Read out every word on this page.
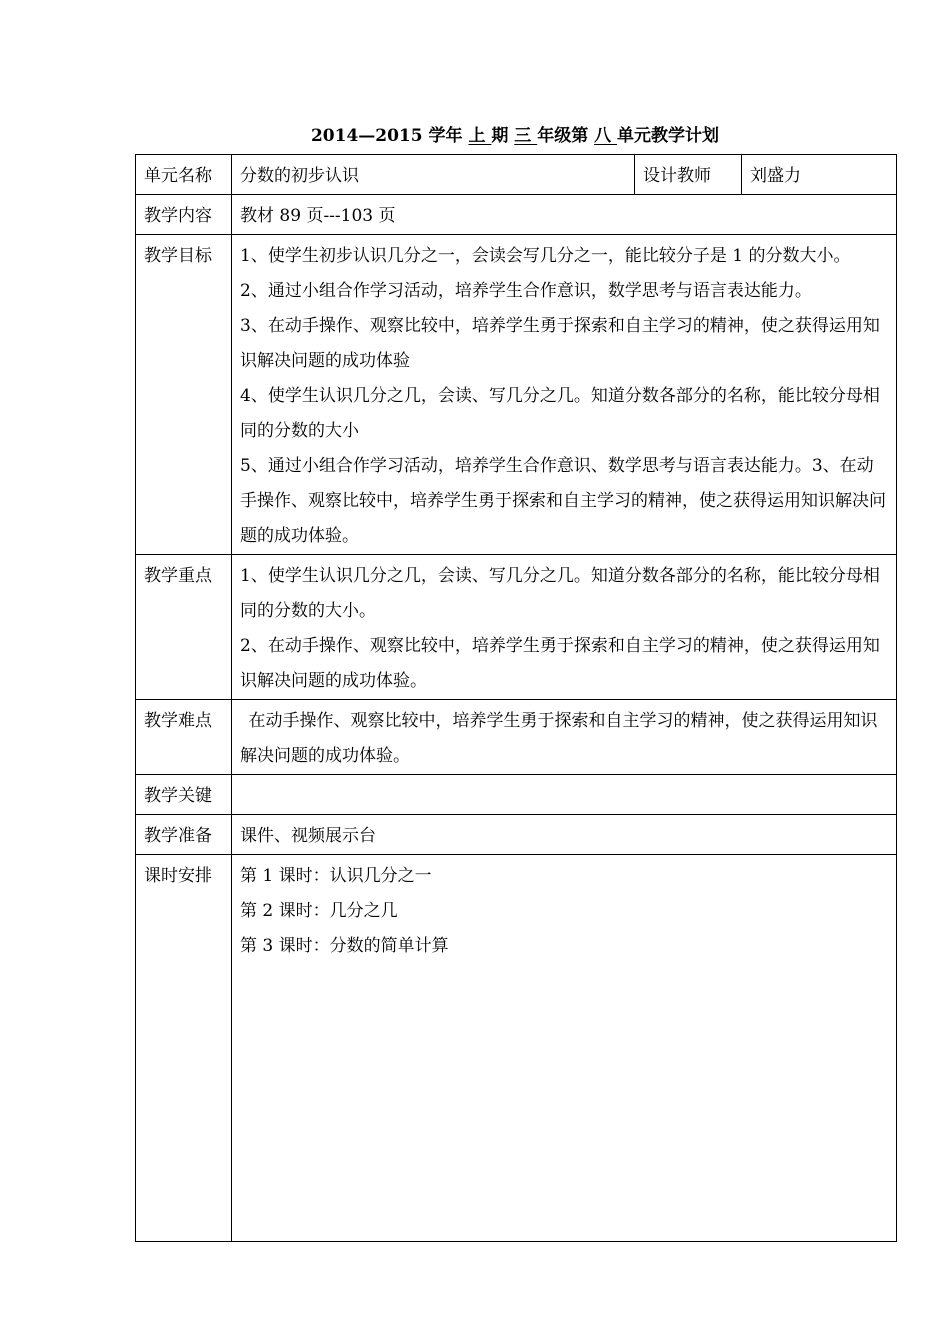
2014—2015 学年 上 期 三 年级第 八 单元教学计划
单元名称	分数的初步认识	设计教师	刘盛力
教学内容	教材 89 页---103 页		
教学目标	1、使学生初步认识几分之一，会读会写几分之一，能比较分子是 1 的分数大小。

2、通过小组合作学习活动，培养学生合作意识，数学思考与语言表达能力。

3、在动手操作、观察比较中，培养学生勇于探索和自主学习的精神，使之获得运用知识解决问题的成功体验

4、使学生认识几分之几，会读、写几分之几。知道分数各部分的名称，能比较分母相同的分数的大小

5、通过小组合作学习活动，培养学生合作意识、数学思考与语言表达能力。3、在动手操作、观察比较中，培养学生勇于探索和自主学习的精神，使之获得运用知识解决问题的成功体验。		

教学重点	1、使学生认识几分之几，会读、写几分之几。知道分数各部分的名称，能比较分母相同的分数的大小。

2、在动手操作、观察比较中，培养学生勇于探索和自主学习的精神，使之获得运用知识解决问题的成功体验。		

教学难点	在动手操作、观察比较中，培养学生勇于探索和自主学习的精神，使之获得运用知识解决问题的成功体验。		

教学关键			
教学准备	课件、视频展示台		
课时安排	第 1 课时：认识几分之一

第 2 课时：几分之几

第 3 课时：分数的简单计算		
